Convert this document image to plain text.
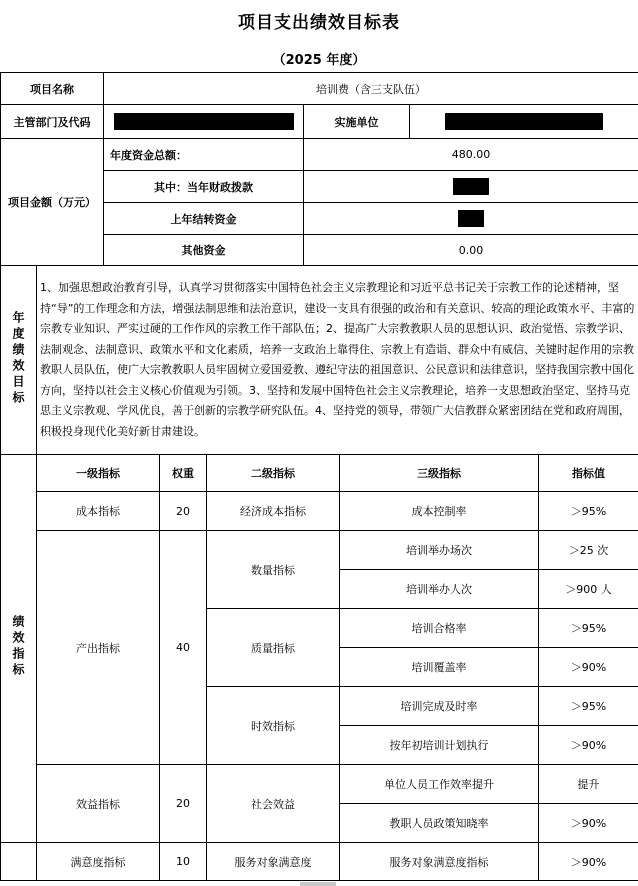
项目支出绩效目标表
（2025 年度）
项目名称	培训费（含三支队伍）		
主管部门及代码		实施单位	
项目金额（万元）	年度资金总额：	480.00	
	其中：当年财政拨款		
	上年结转资金		
	其他资金	0.00	
年度绩效目标	1、加强思想政治教育引导，认真学习贯彻落实中国特色社会主义宗教理论和习近平总书记关于宗教工作的论述精神，坚持“导”的工作理念和方法，增强法制思维和法治意识，建设一支具有很强的政治和有关意识、较高的理论政策水平、丰富的宗教专业知识、严实过硬的工作作风的宗教工作干部队伍；2、提高广大宗教教职人员的思想认识、政治觉悟、宗教学识、法制观念、法制意识、政策水平和文化素质，培养一支政治上靠得住、宗教上有造诣、群众中有威信、关键时起作用的宗教教职人员队伍，使广大宗教教职人员牢固树立爱国爱教、遵纪守法的祖国意识、公民意识和法律意识，坚持我国宗教中国化方向，坚持以社会主义核心价值观为引领。3、坚持和发展中国特色社会主义宗教理论，培养一支思想政治坚定、坚持马克思主义宗教观、学风优良，善于创新的宗教学研究队伍。4、坚持党的领导，带领广大信教群众紧密团结在党和政府周围，积极投身现代化美好新甘肃建设。
绩效指标	一级指标	权重	二级指标	三级指标	指标值
	成本指标	20	经济成本指标	成本控制率	＞95%
	产出指标	40	数量指标	培训举办场次	＞25 次
				培训举办人次	＞900 人
			质量指标	培训合格率	＞95%
				培训覆盖率	＞90%
			时效指标	培训完成及时率	＞95%
				按年初培训计划执行	＞90%
	效益指标	20	社会效益	单位人员工作效率提升	提升
				教职人员政策知晓率	＞90%
	满意度指标	10	服务对象满意度	服务对象满意度指标	＞90%
